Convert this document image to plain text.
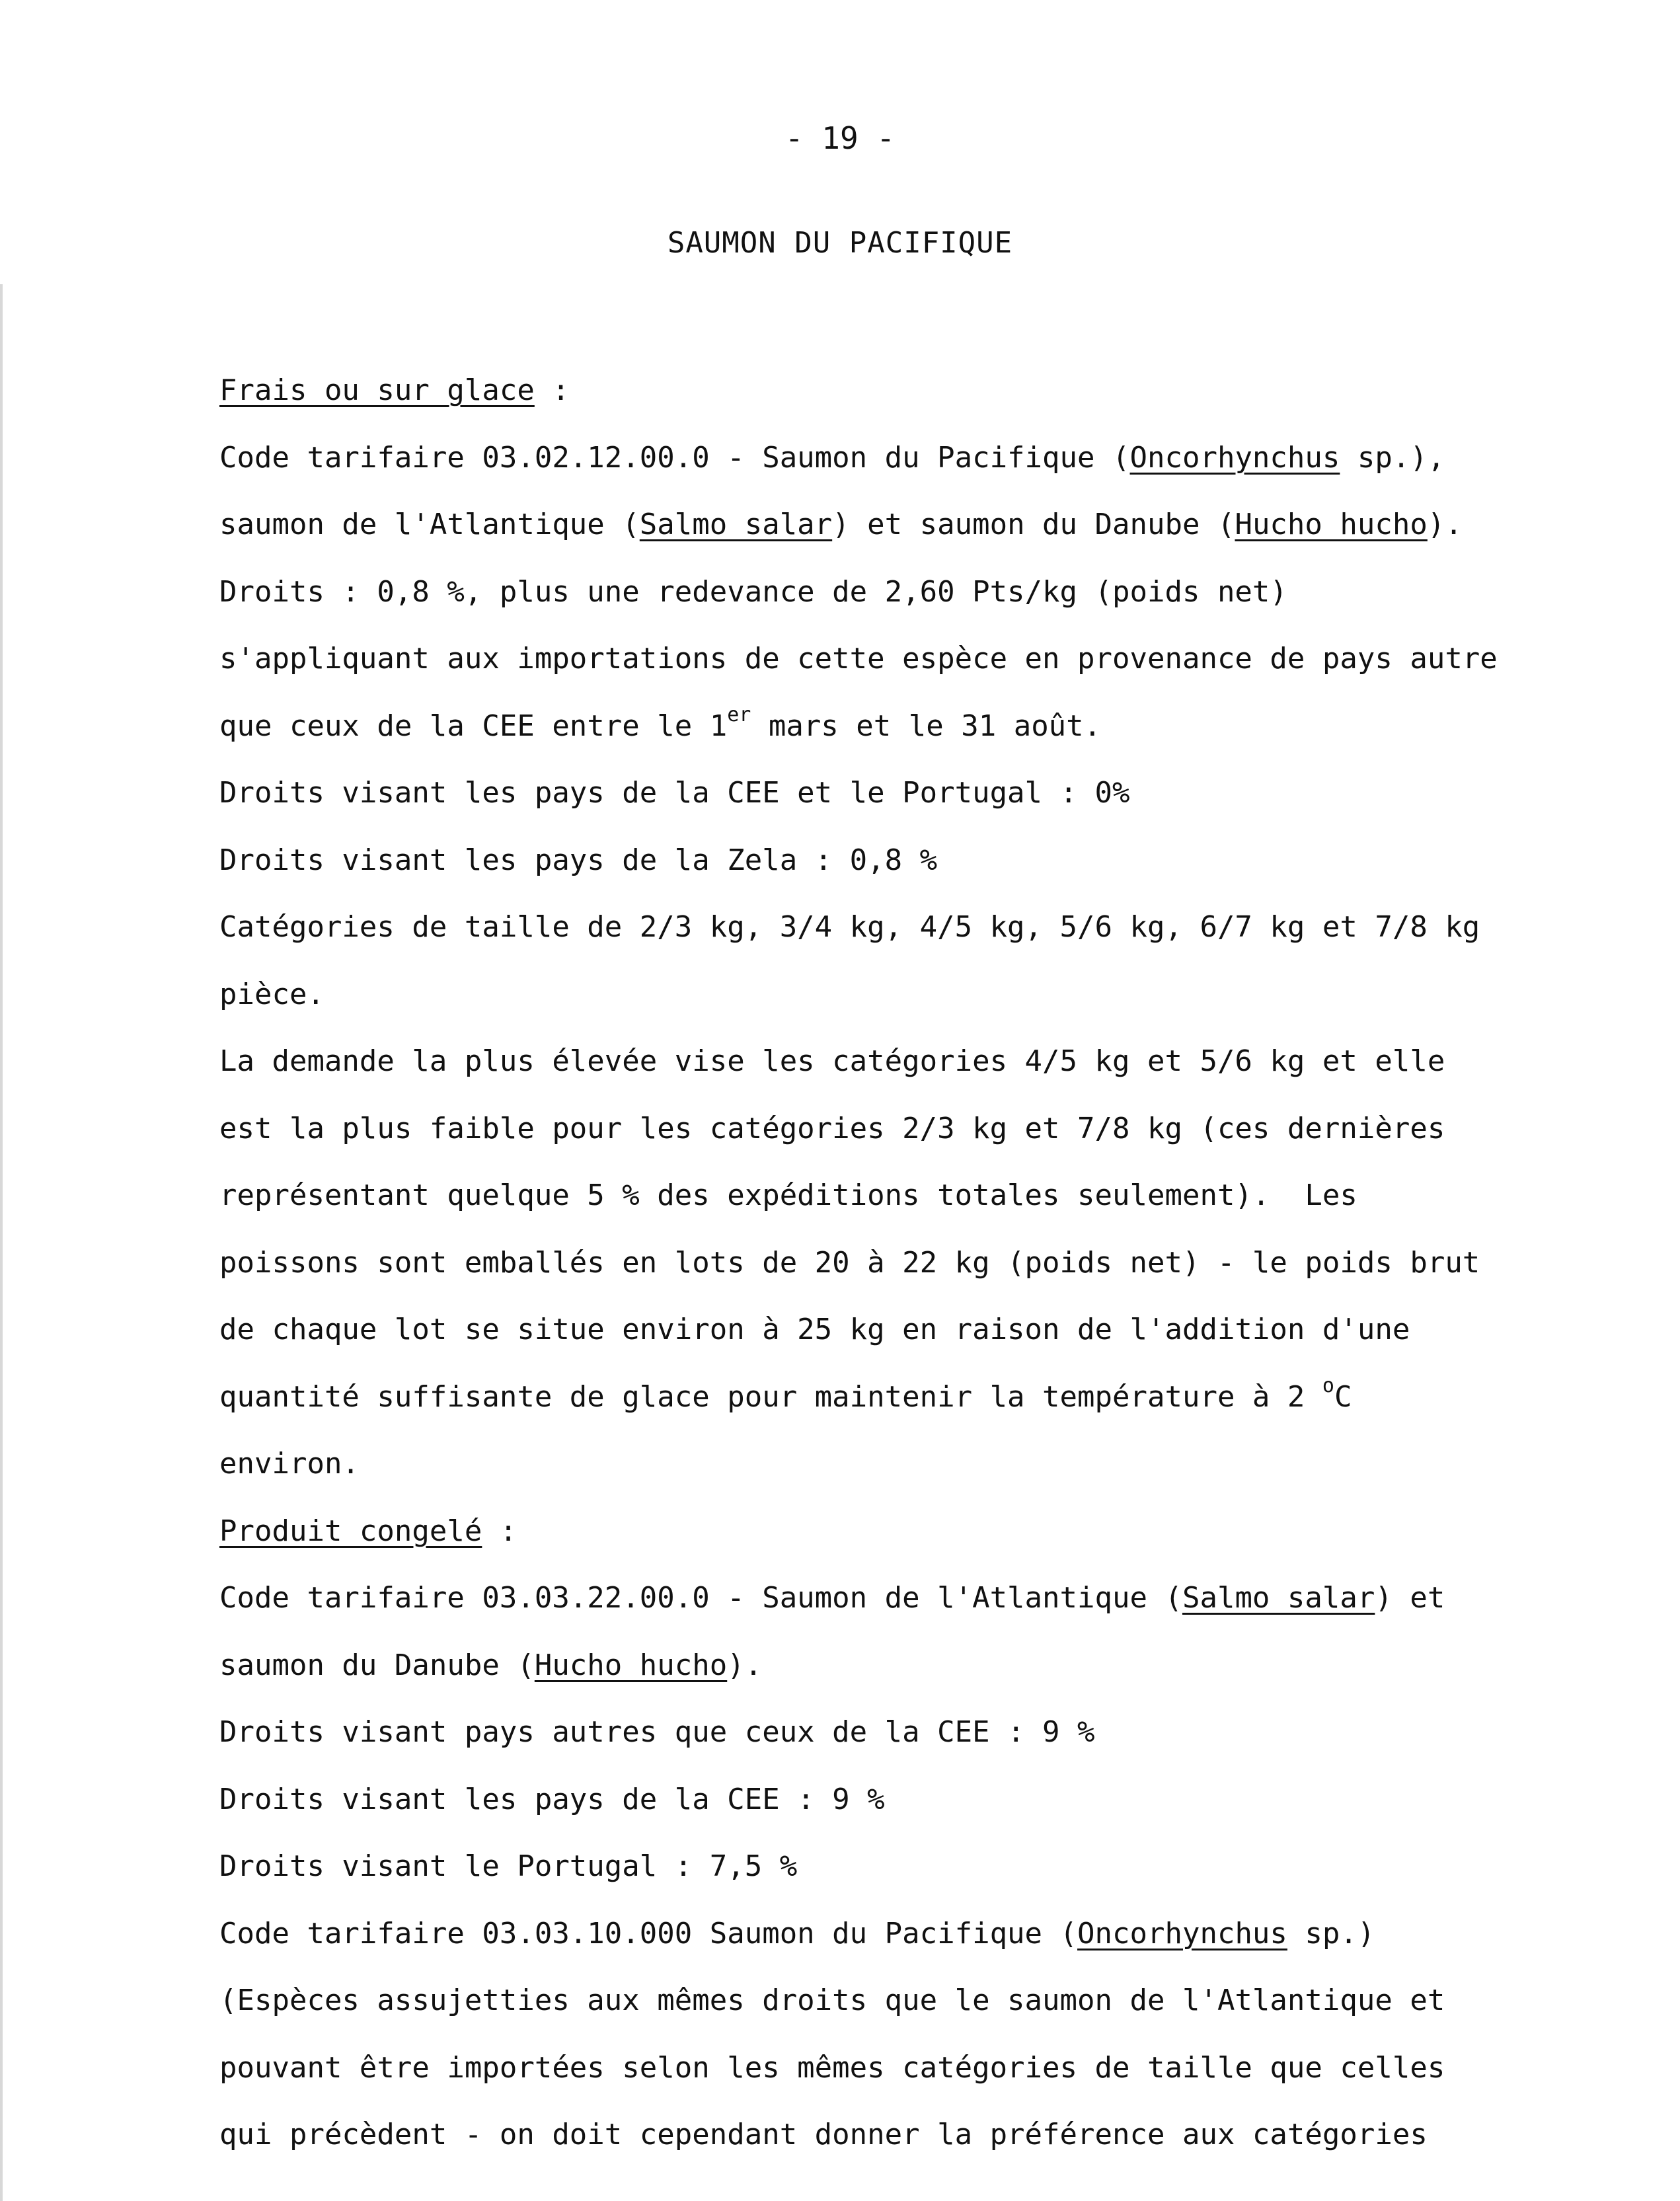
- 19 -
SAUMON DU PACIFIQUE
Frais ou sur glace :
Code tarifaire 03.02.12.00.0 - Saumon du Pacifique (Oncorhynchus sp.),
saumon de l'Atlantique (Salmo salar) et saumon du Danube (Hucho hucho).
Droits : 0,8 %, plus une redevance de 2,60 Pts/kg (poids net)
s'appliquant aux importations de cette espèce en provenance de pays autre
que ceux de la CEE entre le 1er mars et le 31 août.
Droits visant les pays de la CEE et le Portugal : 0%
Droits visant les pays de la Zela : 0,8 %
Catégories de taille de 2/3 kg, 3/4 kg, 4/5 kg, 5/6 kg, 6/7 kg et 7/8 kg
pièce.
La demande la plus élevée vise les catégories 4/5 kg et 5/6 kg et elle
est la plus faible pour les catégories 2/3 kg et 7/8 kg (ces dernières
représentant quelque 5 % des expéditions totales seulement).  Les
poissons sont emballés en lots de 20 à 22 kg (poids net) - le poids brut
de chaque lot se situe environ à 25 kg en raison de l'addition d'une
quantité suffisante de glace pour maintenir la température à 2 $^o$C
environ.
Produit congelé :
Code tarifaire 03.03.22.00.0 - Saumon de l'Atlantique (Salmo salar) et
saumon du Danube (Hucho hucho).
Droits visant pays autres que ceux de la CEE : 9 %
Droits visant les pays de la CEE : 9 %
Droits visant le Portugal : 7,5 %
Code tarifaire 03.03.10.000 Saumon du Pacifique (Oncorhynchus sp.)
(Espèces assujetties aux mêmes droits que le saumon de l'Atlantique et
pouvant être importées selon les mêmes catégories de taille que celles
qui précèdent - on doit cependant donner la préférence aux catégories
